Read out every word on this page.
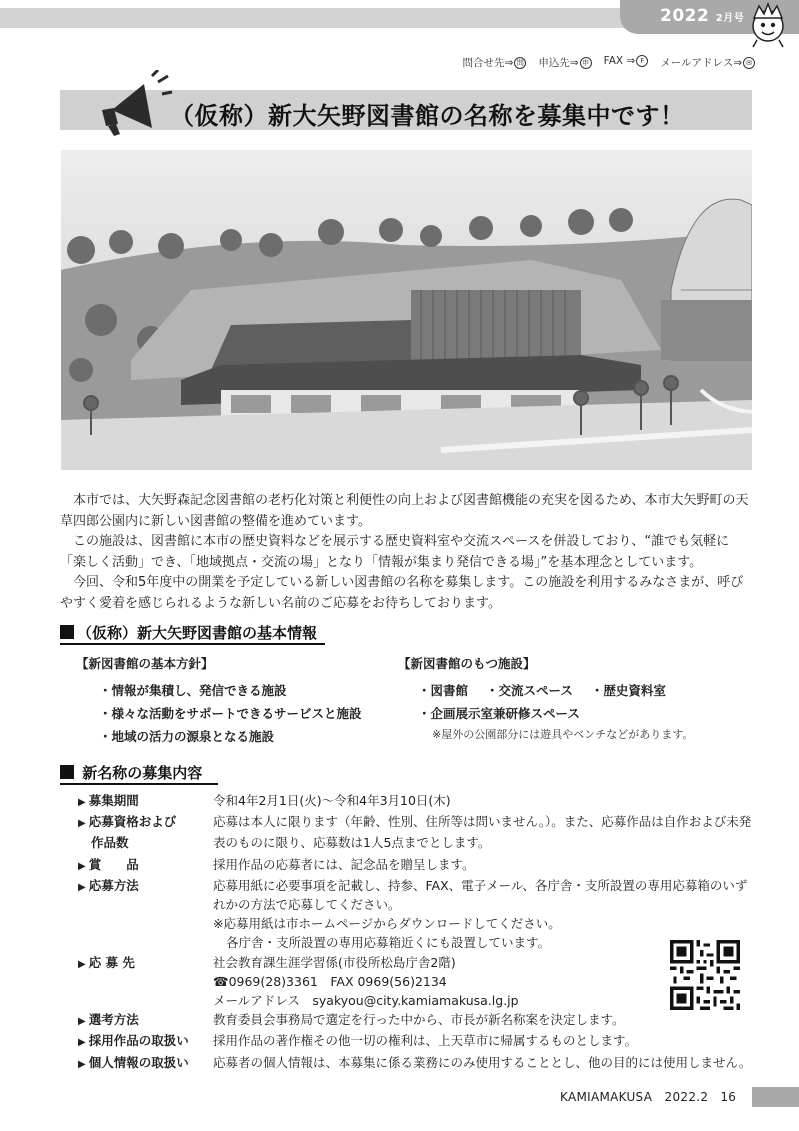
2022 2月号
問合せ先⇒ 問 申込先⇒ 申 FAX ⇒ F	メールアドレス⇒ ✉
（仮称）新大矢野図書館の名称を募集中です！

本市では、大矢野森記念図書館の老朽化対策と利便性の向上および図書館機能の充実を図るため、本市大矢野町の天草四郎公園内に新しい図書館の整備を進めています。

この施設は、図書館に本市の歴史資料などを展示する歴史資料室や交流スペースを併設しており、“誰でも気軽に「楽しく活動」でき、「地域拠点・交流の場」となり「情報が集まり発信できる場」”を基本理念としています。

今回、令和5年度中の開業を予定している新しい図書館の名称を募集します。この施設を利用するみなさまが、呼びやすく愛着を感じられるような新しい名前のご応募をお待ちしております。

（仮称）新大矢野図書館の基本情報
【新図書館の基本方針】
・ 情報が集積し、発信できる施設
・ 様々な活動をサポートできるサービスと施設
・ 地域の活力の源泉となる施設
【新図書館のもつ施設】
・図書館 ・交流スペース ・歴史資料室
・企画展示室兼研修スペース
※屋外の公園部分には遊具やベンチなどがあります。
新名称の募集内容
▶ 募集期間	令和4年2月1日(火)～令和4年3月10日(木)
▶ 応募資格および	応募は本人に限ります（年齢、性別、住所等は問いません。）。また、応募作品は自作および未発
作品数	表のものに限り、応募数は1人5点までとします。
▶ 賞　　品	採用作品の応募者には、記念品を贈呈します。
▶ 応募方法	応募用紙に必要事項を記載し、持参、FAX、電子メール、各庁舎・支所設置の専用応募箱のいず
れかの方法で応募してください。
※応募用紙は市ホームページからダウンロードしてください。
各庁舎・支所設置の専用応募箱近くにも設置しています。
▶ 応 募 先	社会教育課生涯学習係(市役所松島庁舎2階)
☎0969(28)3361　FAX 0969(56)2134
メールアドレス　syakyou@city.kamiamakusa.lg.jp
▶ 選考方法	教育委員会事務局で選定を行った中から、市長が新名称案を決定します。
▶ 採用作品の取扱い	採用作品の著作権その他一切の権利は、上天草市に帰属するものとします。
▶ 個人情報の取扱い	応募者の個人情報は、本募集に係る業務にのみ使用することとし、他の目的には使用しません。
KAMIAMAKUSA　2022.2 16
